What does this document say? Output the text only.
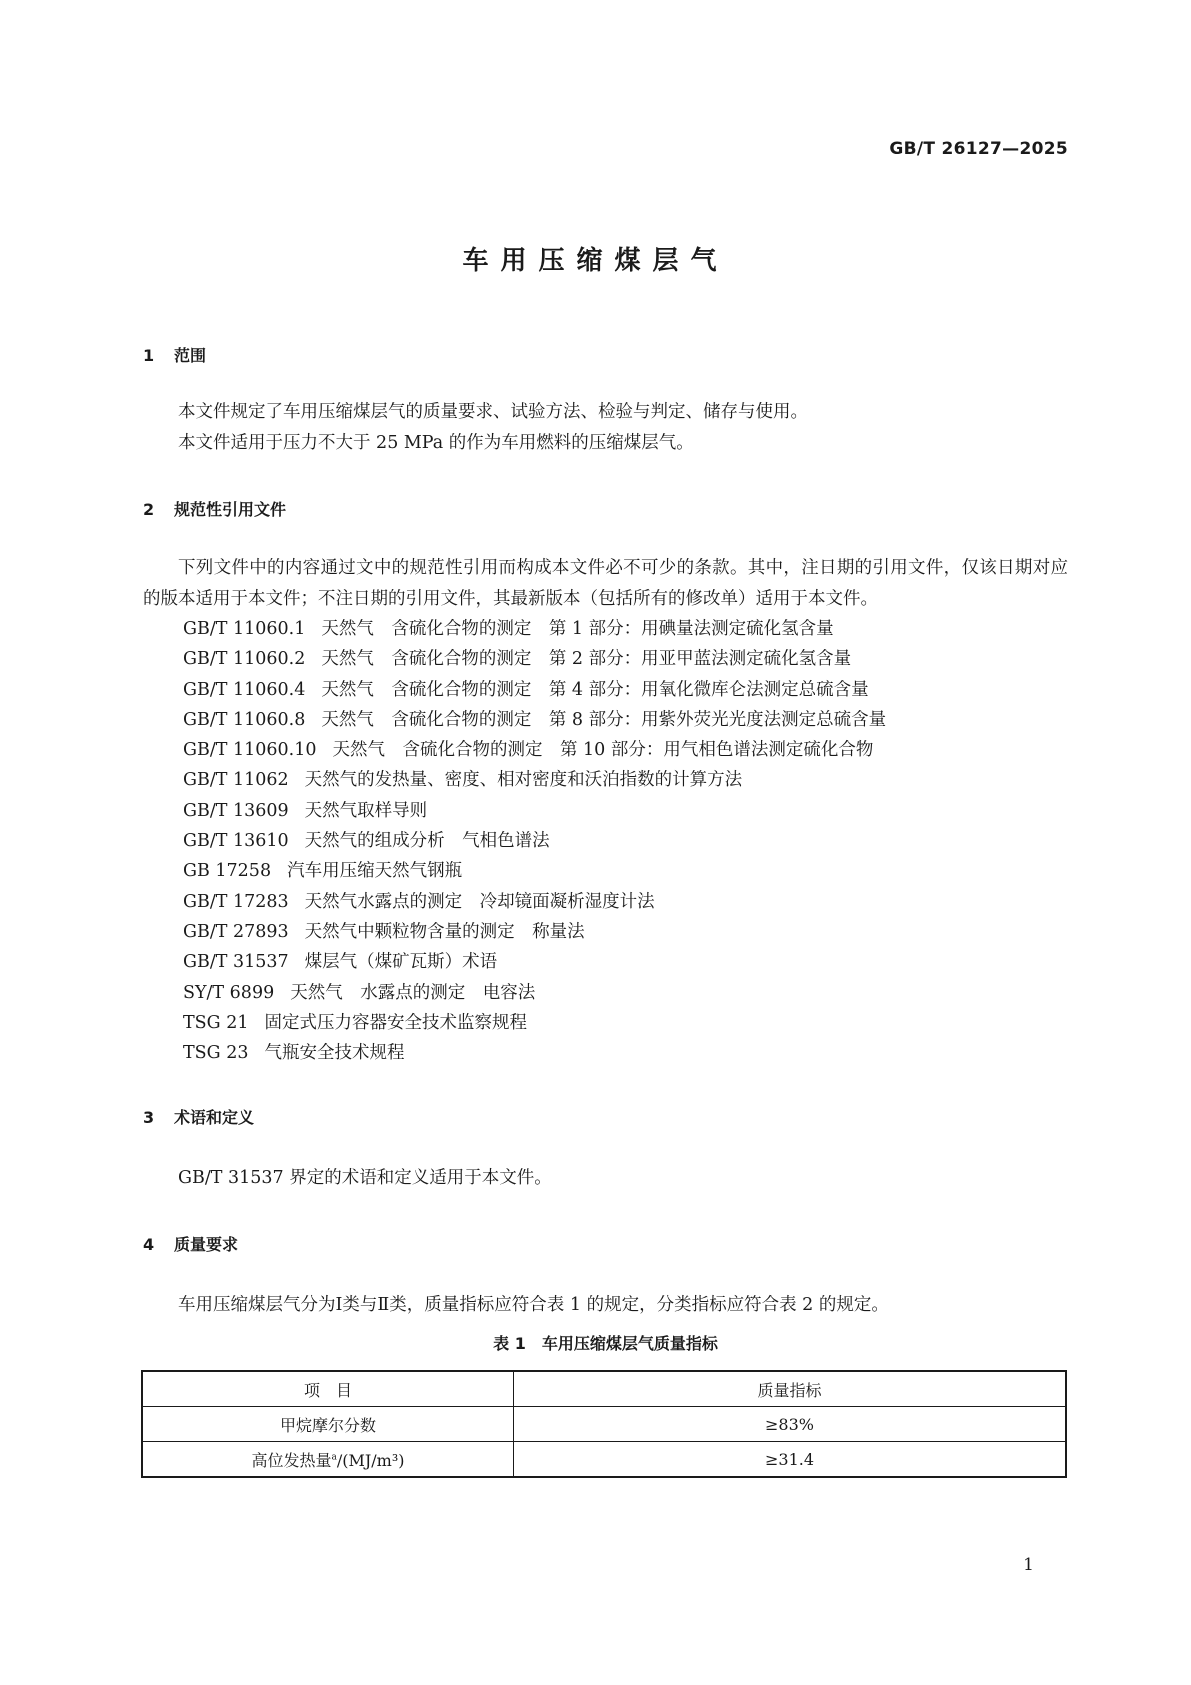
GB/T 26127—2025

车用压缩煤层气
1 范围

本文件规定了车用压缩煤层气的质量要求、试验方法、检验与判定、储存与使用。

本文件适用于压力不大于 25 MPa 的作为车用燃料的压缩煤层气。

2 规范性引用文件

下列文件中的内容通过文中的规范性引用而构成本文件必不可少的条款。其中，注日期的引用文件，仅该日期对应的版本适用于本文件；不注日期的引用文件，其最新版本（包括所有的修改单）适用于本文件。

GB/T 11060.1 天然气　含硫化合物的测定　第 1 部分：用碘量法测定硫化氢含量
GB/T 11060.2 天然气　含硫化合物的测定　第 2 部分：用亚甲蓝法测定硫化氢含量
GB/T 11060.4 天然气　含硫化合物的测定　第 4 部分：用氧化微库仑法测定总硫含量
GB/T 11060.8 天然气　含硫化合物的测定　第 8 部分：用紫外荧光光度法测定总硫含量
GB/T 11060.10 天然气　含硫化合物的测定　第 10 部分：用气相色谱法测定硫化合物
GB/T 11062 天然气的发热量、密度、相对密度和沃泊指数的计算方法
GB/T 13609 天然气取样导则
GB/T 13610 天然气的组成分析　气相色谱法
GB 17258 汽车用压缩天然气钢瓶
GB/T 17283 天然气水露点的测定　冷却镜面凝析湿度计法
GB/T 27893 天然气中颗粒物含量的测定　称量法
GB/T 31537 煤层气（煤矿瓦斯）术语
SY/T 6899 天然气　水露点的测定　电容法
TSG 21 固定式压力容器安全技术监察规程
TSG 23 气瓶安全技术规程
3 术语和定义

GB/T 31537 界定的术语和定义适用于本文件。

4 质量要求

车用压缩煤层气分为Ⅰ类与Ⅱ类，质量指标应符合表 1 的规定，分类指标应符合表 2 的规定。

表 1　车用压缩煤层气质量指标

项　目	质量指标
甲烷摩尔分数	≥83%
高位发热量$^a$/(MJ/m³)	≥31.4

1
